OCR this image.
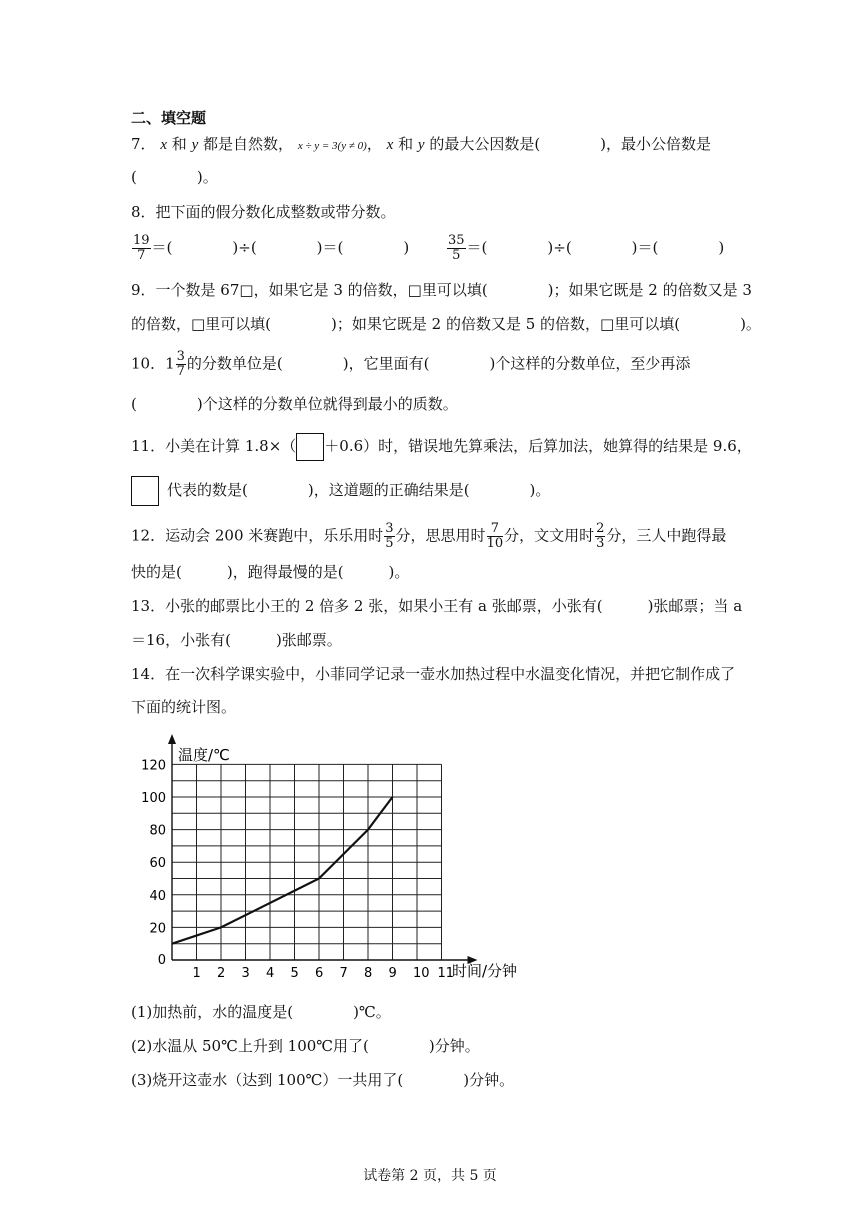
二、填空题
7． x 和 y 都是自然数， x ÷ y = 3(y ≠ 0)， x 和 y 的最大公因数是(　　　　)，最小公倍数是
(　　　　)。
8．把下面的假分数化成整数或带分数。
$\frac{19}{7}$ ＝(　　　　)÷(　　　　)＝(　　　　)	$\frac{35}{5}$ ＝(　　　　)÷(　　　　)＝(　　　　)
9．一个数是 67□，如果它是 3 的倍数，□里可以填(　　　　)；如果它既是 2 的倍数又是 3
的倍数，□里可以填(　　　　)；如果它既是 2 的倍数又是 5 的倍数，□里可以填(　　　　)。
10．$1 \frac{3}{7}$ 的分数单位是(　　　　)，它里面有(　　　　)个这样的分数单位，至少再添
(　　　　)个这样的分数单位就得到最小的质数。
11．小美在计算 1.8×（ ＋0.6）时，错误地先算乘法，后算加法，她算得的结果是 9.6，
代表的数是(　　　　)，这道题的正确结果是(　　　　)。
12．运动会 200 米赛跑中，乐乐用时 $\frac{3}{5}$ 分，思思用时 $\frac{7}{10}$ 分，文文用时 $\frac{2}{3}$ 分，三人中跑得最
快的是(　　　)，跑得最慢的是(　　　)。
13．小张的邮票比小王的 2 倍多 2 张，如果小王有 a 张邮票，小张有(　　　)张邮票；当 a
＝16，小张有(　　　)张邮票。
14．在一次科学课实验中，小菲同学记录一壶水加热过程中水温变化情况，并把它制作成了
下面的统计图。
1 2 3 4 5 6 7 8 9 10 11
0
20
40
60
80
100
120
温度/℃
时间/分钟
(1)加热前，水的温度是(　　　　)℃。
(2)水温从 50℃上升到 100℃用了(　　　　)分钟。
(3)烧开这壶水（达到 100℃）一共用了(　　　　)分钟。
试卷第 2 页，共 5 页
